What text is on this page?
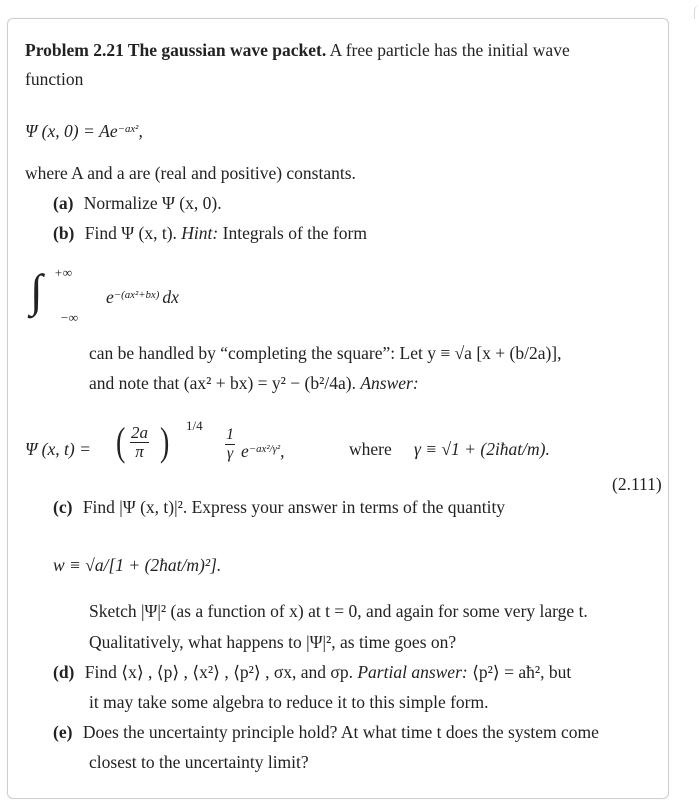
Problem 2.21 The gaussian wave packet. A free particle has the initial wave
function
Ψ (x, $0) = Ae^{-ax^2}$,
where A and a are (real and positive) constants.
(a) Normalize Ψ (x, 0).
(b) Find Ψ (x, t). Hint: Integrals of the form
∫ +∞
−∞
$e^{-(ax^2+bx)}$ dx
can be handled by “completing the square”: Let y ≡ √a [x + (b/2a)],
and note that (ax² + bx) = y² − (b²/4a). Answer:
Ψ (x, t) = ( $\frac{2a}{\pi}$ ) 1/4
$\frac{1}{\gamma} e^{-ax^2/\gamma^2}$,	where γ ≡ √1 + (2iħat/m).
(2.111)
(c) Find |Ψ (x, t)|². Express your answer in terms of the quantity
w ≡ √a/[1 + (2ħat/m)²].
Sketch |Ψ|² (as a function of x) at t = 0, and again for some very large t.
Qualitatively, what happens to |Ψ|², as time goes on?
(d) Find ⟨x⟩ , ⟨p⟩ , ⟨x²⟩ , ⟨p²⟩ , σx, and σp. Partial answer: ⟨p²⟩ = aħ², but
it may take some algebra to reduce it to this simple form.
(e) Does the uncertainty principle hold? At what time t does the system come
closest to the uncertainty limit?
